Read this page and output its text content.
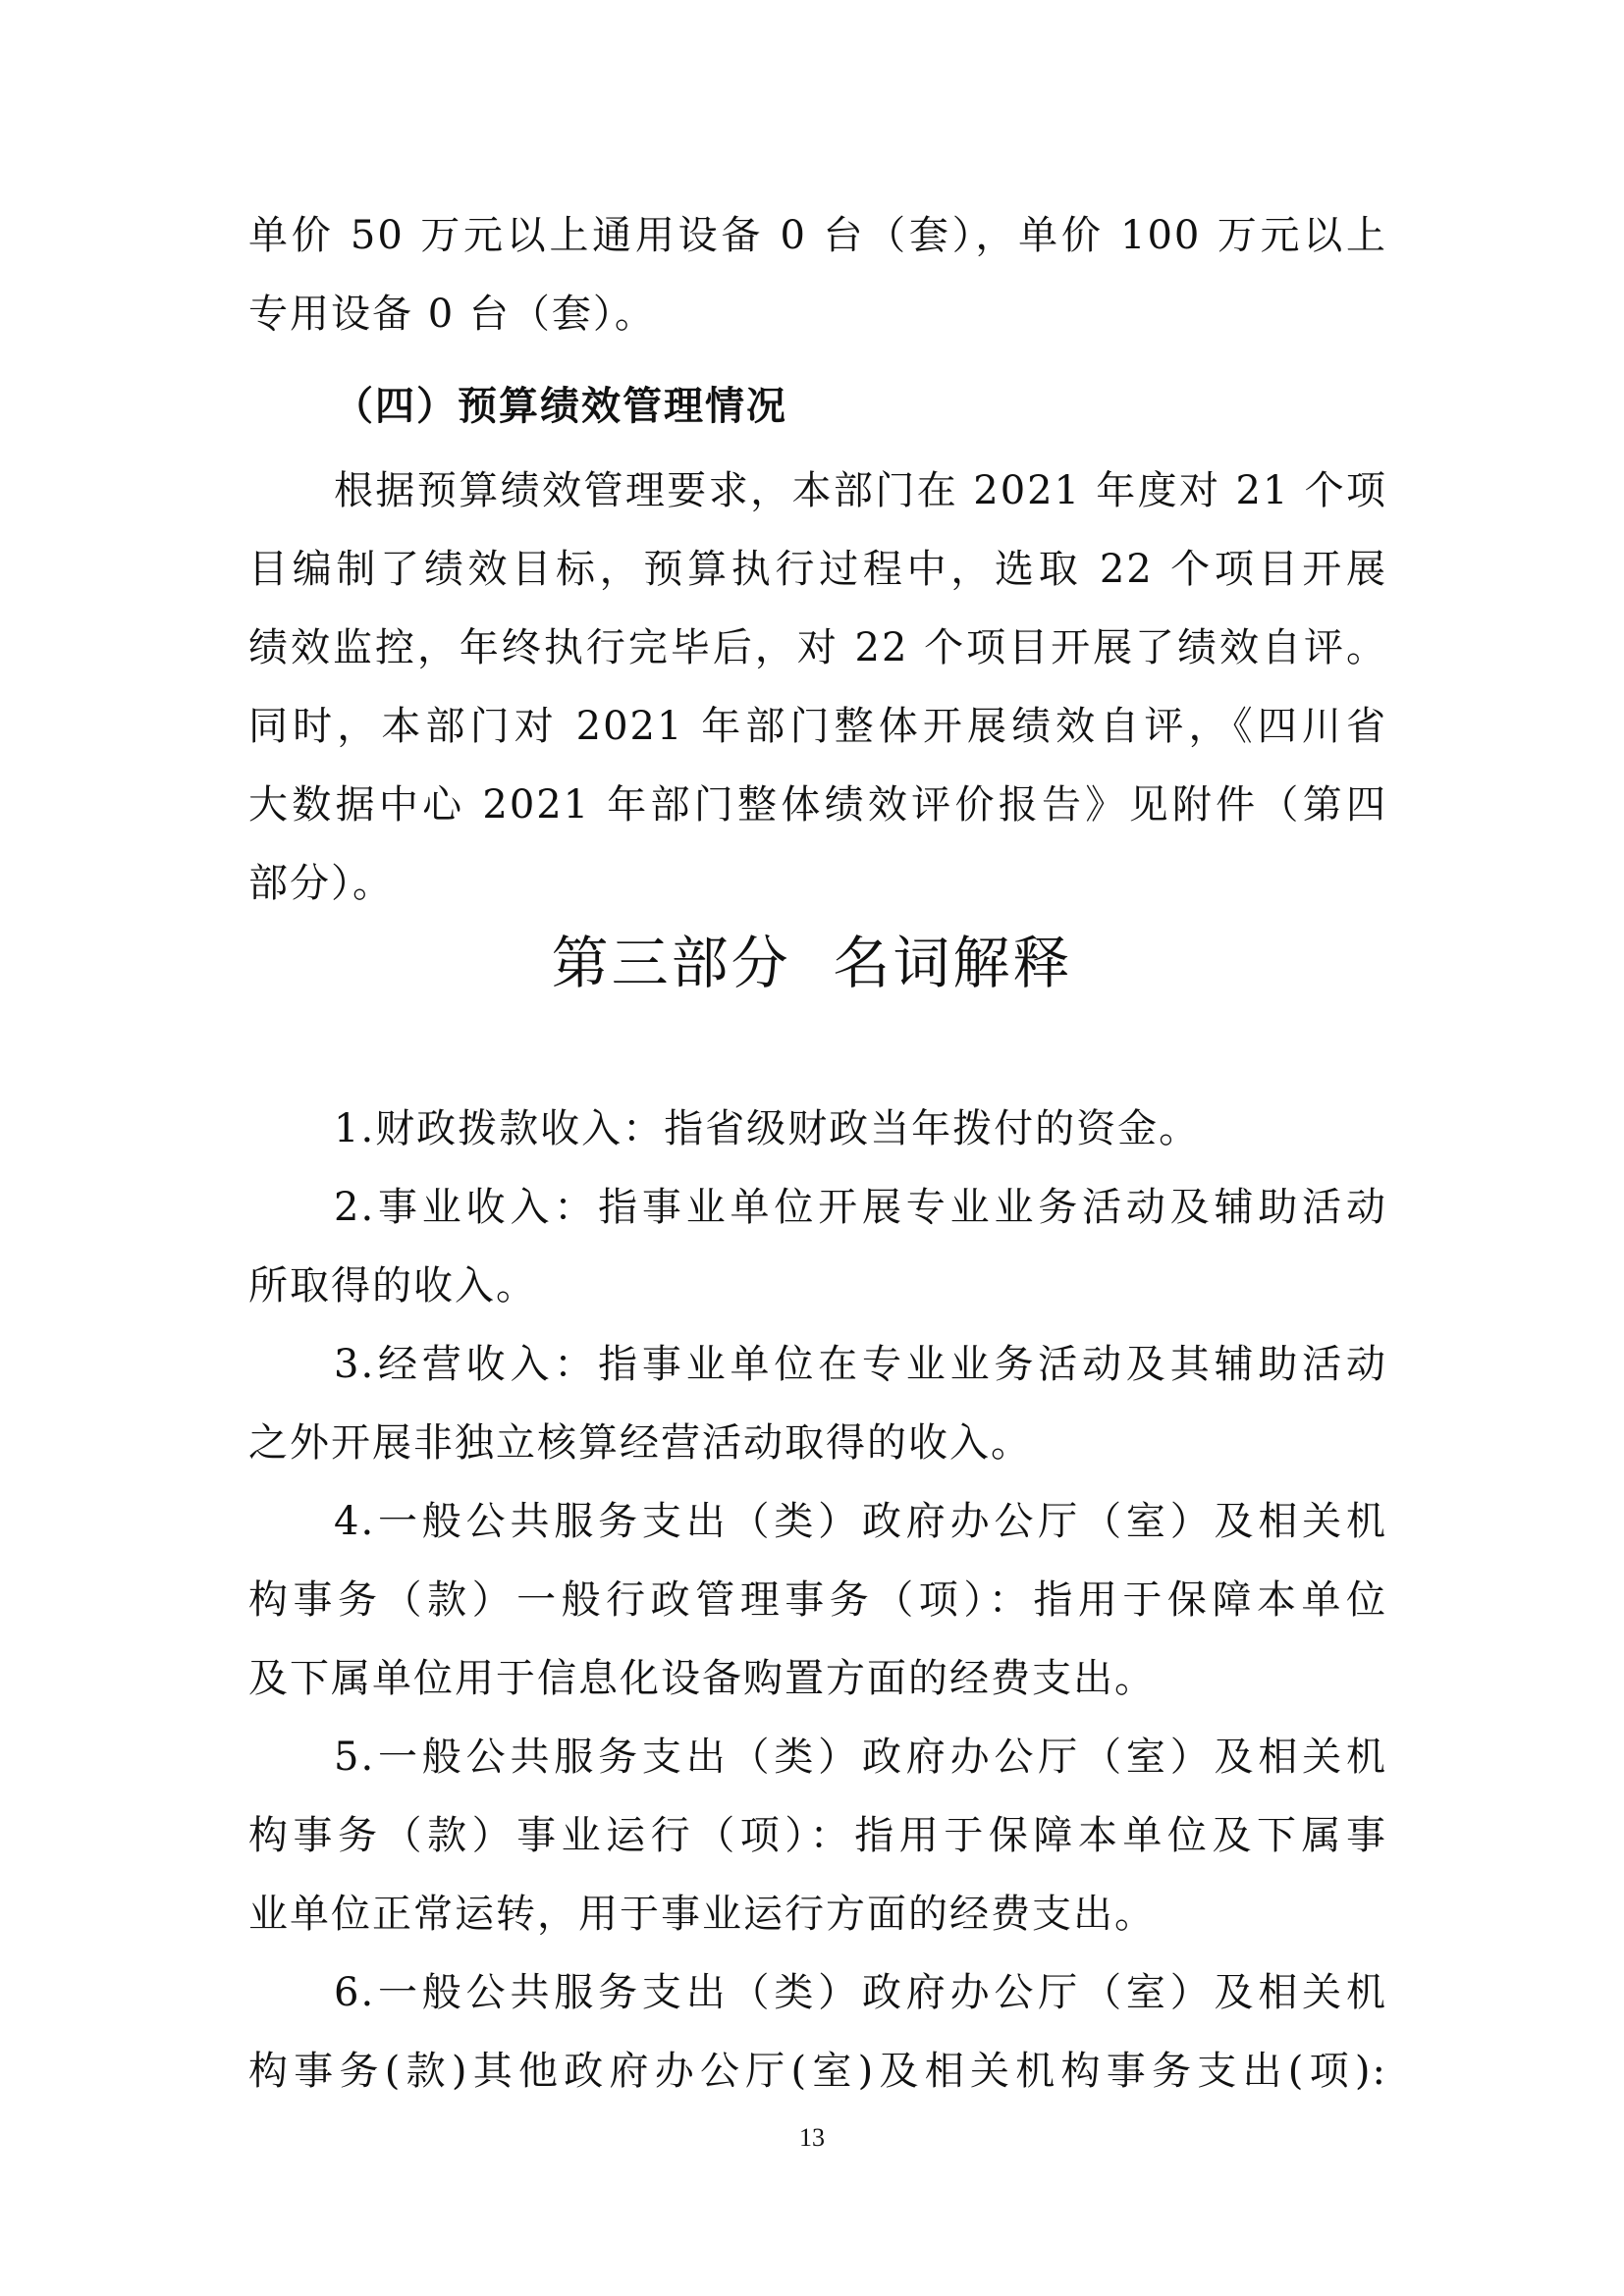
单价 50 万元以上通用设备 0 台（套），单价 100 万元以上
专用设备 0 台（套）。
（四）预算绩效管理情况
根据预算绩效管理要求，本部门在 2021 年度对 21 个项
目编制了绩效目标，预算执行过程中，选取 22 个项目开展
绩效监控，年终执行完毕后，对 22 个项目开展了绩效自评。
同时，本部门对 2021 年部门整体开展绩效自评，《四川省
大数据中心 2021 年部门整体绩效评价报告》见附件（第四
部分）。
第三部分  名词解释
1.财政拨款收入：指省级财政当年拨付的资金。
2.事业收入：指事业单位开展专业业务活动及辅助活动
所取得的收入。
3.经营收入：指事业单位在专业业务活动及其辅助活动
之外开展非独立核算经营活动取得的收入。
4.一般公共服务支出（类）政府办公厅（室）及相关机
构事务（款）一般行政管理事务（项）：指用于保障本单位
及下属单位用于信息化设备购置方面的经费支出。
5.一般公共服务支出（类）政府办公厅（室）及相关机
构事务（款）事业运行（项）：指用于保障本单位及下属事
业单位正常运转，用于事业运行方面的经费支出。
6.一般公共服务支出（类）政府办公厅（室）及相关机
构事务(款)其他政府办公厅(室)及相关机构事务支出(项):
13
